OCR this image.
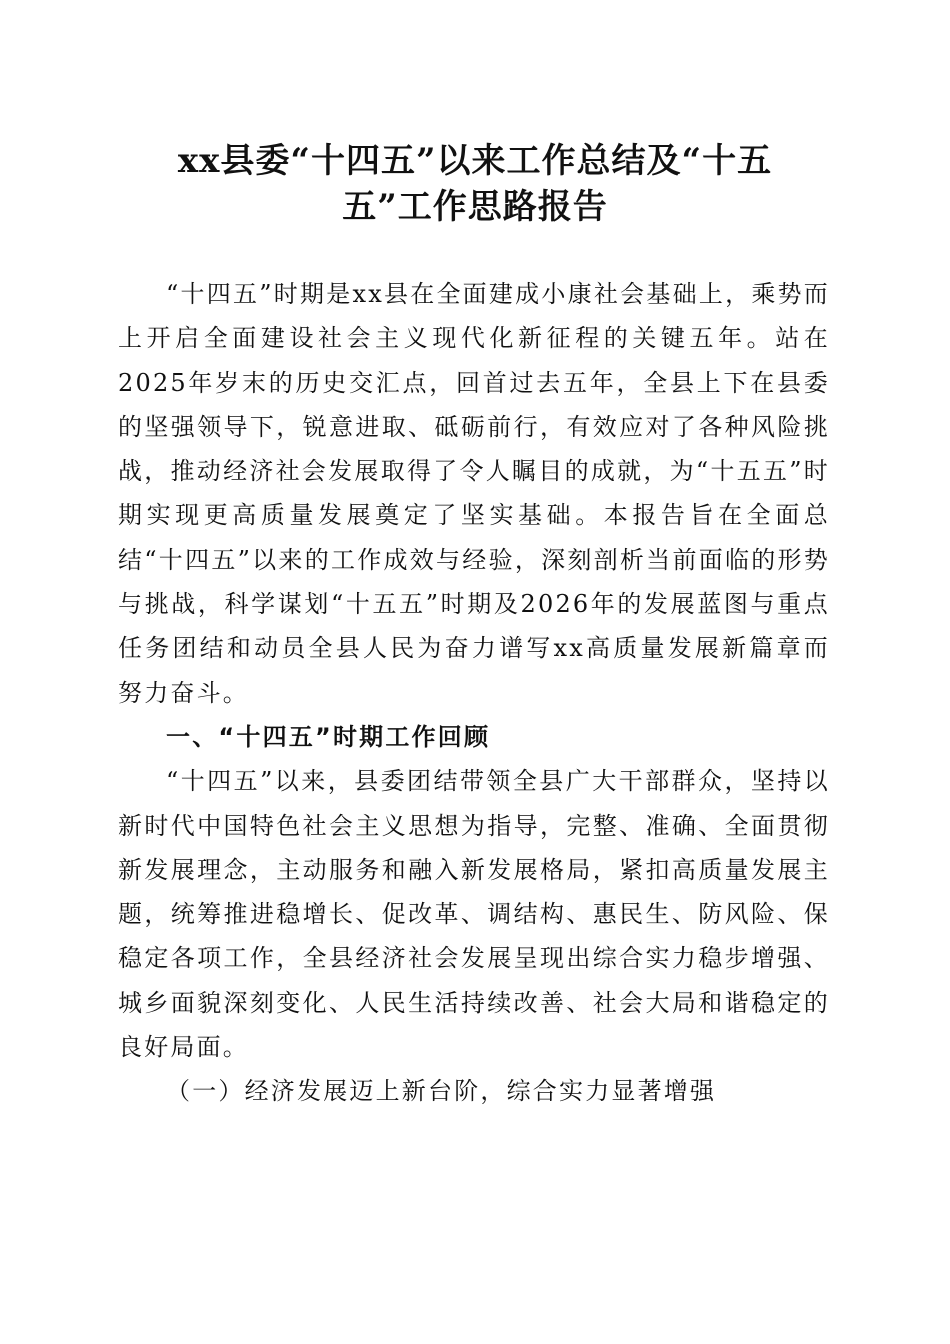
xx县委“十四五”以来工作总结及“十五
五”工作思路报告

“十四五”时期是xx县在全面建成小康社会基础上，乘势而上开启全面建设社会主义现代化新征程的关键五年。站在2025年岁末的历史交汇点，回首过去五年，全县上下在县委的坚强领导下，锐意进取、砥砺前行，有效应对了各种风险挑战，推动经济社会发展取得了令人瞩目的成就，为“十五五”时期实现更高质量发展奠定了坚实基础。本报告旨在全面总结“十四五”以来的工作成效与经验，深刻剖析当前面临的形势与挑战，科学谋划“十五五”时期及2026年的发展蓝图与重点任务团结和动员全县人民为奋力谱写xx高质量发展新篇章而努力奋斗。

一、“十四五”时期工作回顾

“十四五”以来，县委团结带领全县广大干部群众，坚持以新时代中国特色社会主义思想为指导，完整、准确、全面贯彻新发展理念，主动服务和融入新发展格局，紧扣高质量发展主题，统筹推进稳增长、促改革、调结构、惠民生、防风险、保稳定各项工作，全县经济社会发展呈现出综合实力稳步增强、城乡面貌深刻变化、人民生活持续改善、社会大局和谐稳定的良好局面。

（一）经济发展迈上新台阶，综合实力显著增强
